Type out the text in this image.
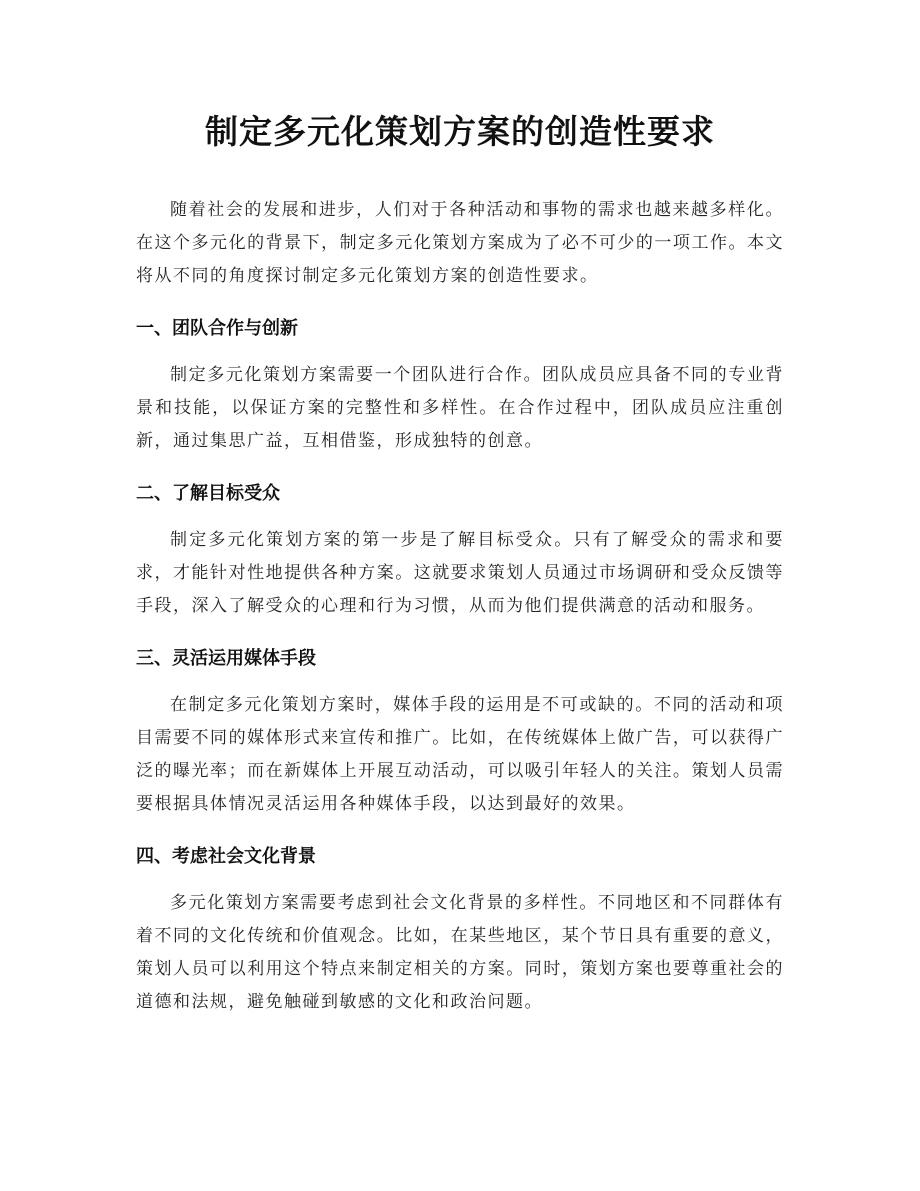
制定多元化策划方案的创造性要求

随着社会的发展和进步，人们对于各种活动和事物的需求也越来越多样化。在这个多元化的背景下，制定多元化策划方案成为了必不可少的一项工作。本文将从不同的角度探讨制定多元化策划方案的创造性要求。

一、团队合作与创新

制定多元化策划方案需要一个团队进行合作。团队成员应具备不同的专业背景和技能，以保证方案的完整性和多样性。在合作过程中，团队成员应注重创新，通过集思广益，互相借鉴，形成独特的创意。

二、了解目标受众

制定多元化策划方案的第一步是了解目标受众。只有了解受众的需求和要求，才能针对性地提供各种方案。这就要求策划人员通过市场调研和受众反馈等手段，深入了解受众的心理和行为习惯，从而为他们提供满意的活动和服务。

三、灵活运用媒体手段

在制定多元化策划方案时，媒体手段的运用是不可或缺的。不同的活动和项目需要不同的媒体形式来宣传和推广。比如，在传统媒体上做广告，可以获得广泛的曝光率；而在新媒体上开展互动活动，可以吸引年轻人的关注。策划人员需要根据具体情况灵活运用各种媒体手段，以达到最好的效果。

四、考虑社会文化背景

多元化策划方案需要考虑到社会文化背景的多样性。不同地区和不同群体有着不同的文化传统和价值观念。比如，在某些地区，某个节日具有重要的意义，策划人员可以利用这个特点来制定相关的方案。同时，策划方案也要尊重社会的道德和法规，避免触碰到敏感的文化和政治问题。
